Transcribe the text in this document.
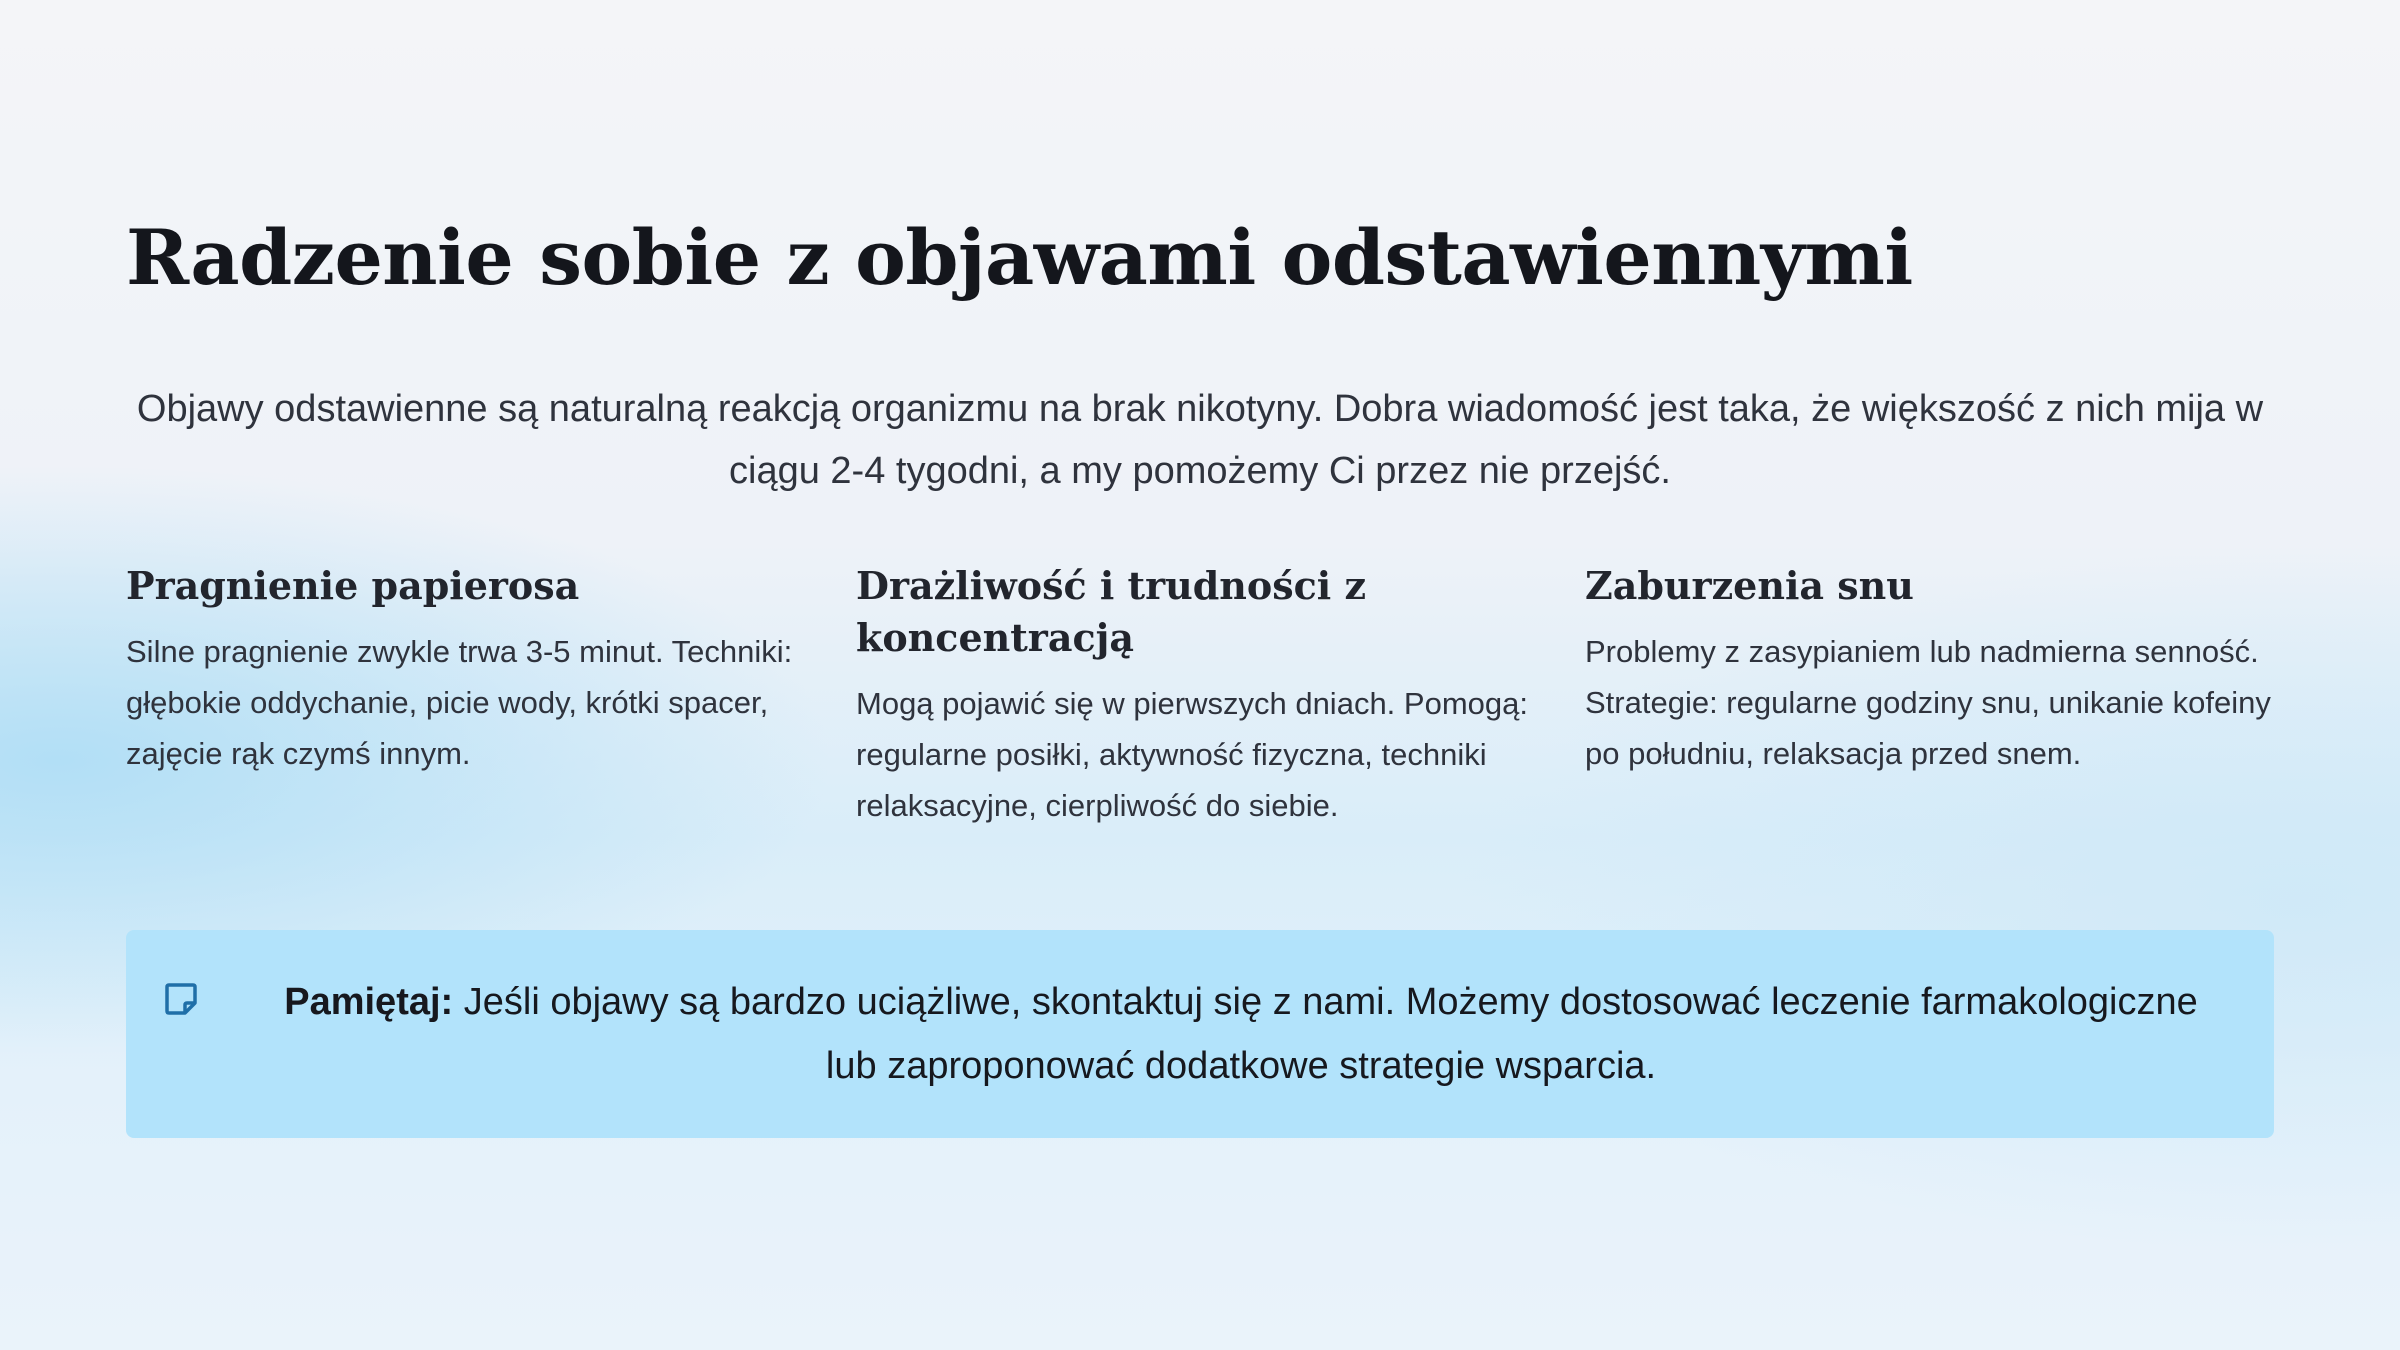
Radzenie sobie z objawami odstawiennymi

Objawy odstawienne są naturalną reakcją organizmu na brak nikotyny. Dobra wiadomość jest taka, że większość z nich mija w ciągu 2-4 tygodni, a my pomożemy Ci przez nie przejść.

Pragnienie papierosa

Silne pragnienie zwykle trwa 3-5 minut. Techniki: głębokie oddychanie, picie wody, krótki spacer, zajęcie rąk czymś innym.

Drażliwość i trudności z koncentracją

Mogą pojawić się w pierwszych dniach. Pomogą: regularne posiłki, aktywność fizyczna, techniki relaksacyjne, cierpliwość do siebie.

Zaburzenia snu

Problemy z zasypianiem lub nadmierna senność. Strategie: regularne godziny snu, unikanie kofeiny po południu, relaksacja przed snem.

Pamiętaj: Jeśli objawy są bardzo uciążliwe, skontaktuj się z nami. Możemy dostosować leczenie farmakologiczne lub zaproponować dodatkowe strategie wsparcia.
